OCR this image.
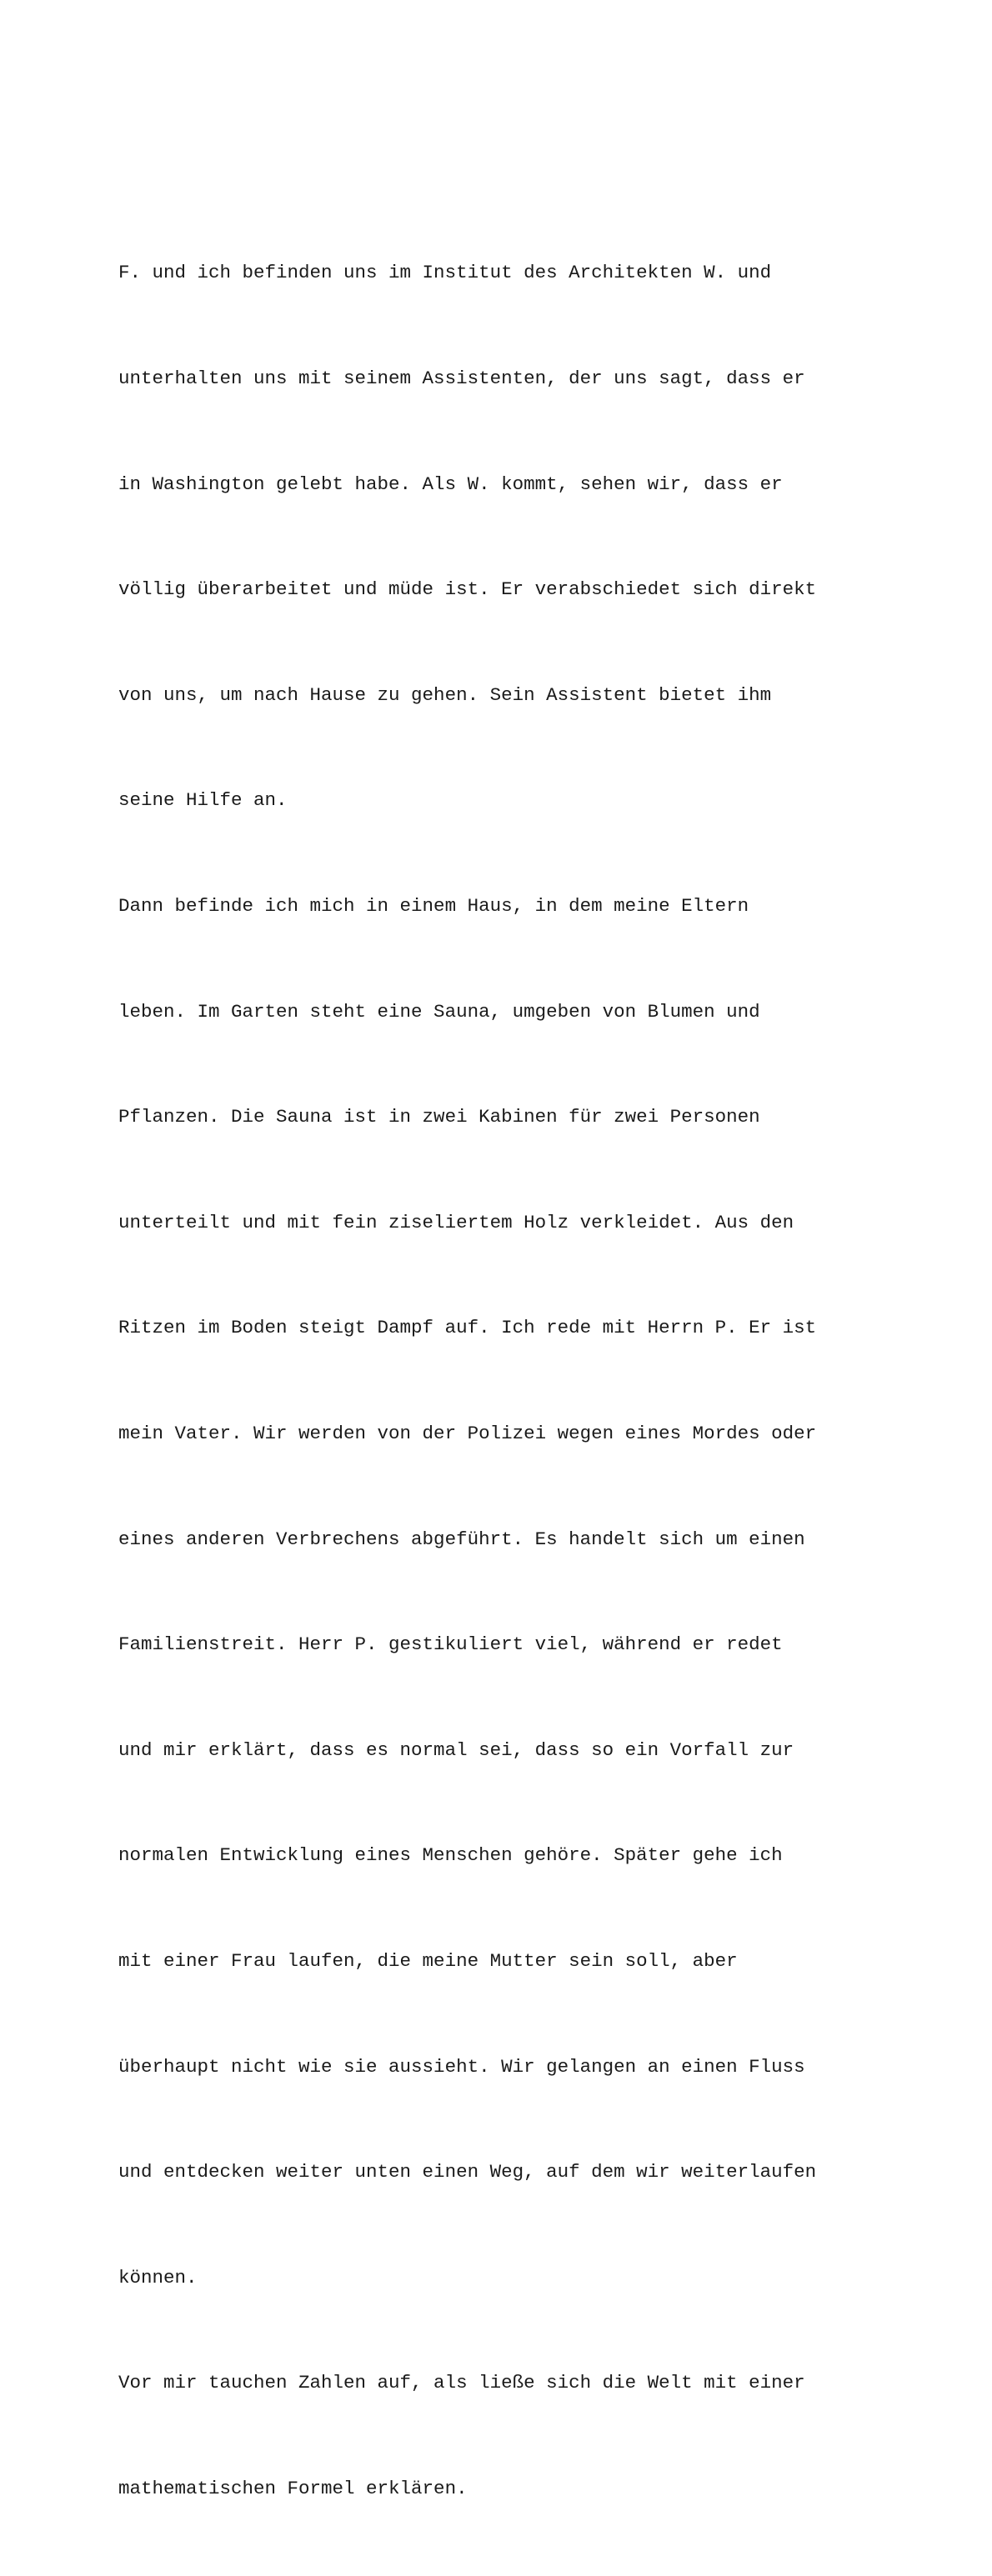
F. und ich befinden uns im Institut des Architekten W. und

unterhalten uns mit seinem Assistenten, der uns sagt, dass er

in Washington gelebt habe. Als W. kommt, sehen wir, dass er

völlig überarbeitet und müde ist. Er verabschiedet sich direkt

von uns, um nach Hause zu gehen. Sein Assistent bietet ihm

seine Hilfe an.

Dann befinde ich mich in einem Haus, in dem meine Eltern

leben. Im Garten steht eine Sauna, umgeben von Blumen und

Pflanzen. Die Sauna ist in zwei Kabinen für zwei Personen

unterteilt und mit fein ziseliertem Holz verkleidet. Aus den

Ritzen im Boden steigt Dampf auf. Ich rede mit Herrn P. Er ist

mein Vater. Wir werden von der Polizei wegen eines Mordes oder

eines anderen Verbrechens abgeführt. Es handelt sich um einen

Familienstreit. Herr P. gestikuliert viel, während er redet

und mir erklärt, dass es normal sei, dass so ein Vorfall zur

normalen Entwicklung eines Menschen gehöre. Später gehe ich

mit einer Frau laufen, die meine Mutter sein soll, aber

überhaupt nicht wie sie aussieht. Wir gelangen an einen Fluss

und entdecken weiter unten einen Weg, auf dem wir weiterlaufen

können.

Vor mir tauchen Zahlen auf, als ließe sich die Welt mit einer

mathematischen Formel erklären.
